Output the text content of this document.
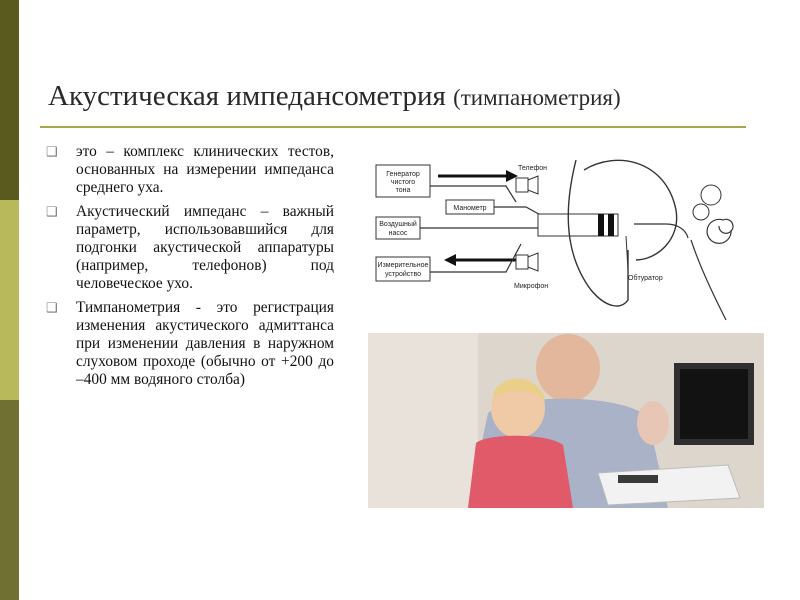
Акустическая импедансометрия (тимпанометрия)
❑ это – комплекс клинических тестов, основанных на измерении импеданса среднего уха.
❑ Акустический импеданс – важный параметр, использовавшийся для подгонки акустической аппаратуры (например, телефонов) под человеческое ухо.
❑ Тимпанометрия - это регистрация изменения акустического адмиттанса при изменении давления в наружном слуховом проходе (обычно от +200 до –400 мм водяного столба)
Генератор
чистого
тона
Манометр
Воздушный
насос
Измерительное
устройство
Телефон
Микрофон
Обтуратор
